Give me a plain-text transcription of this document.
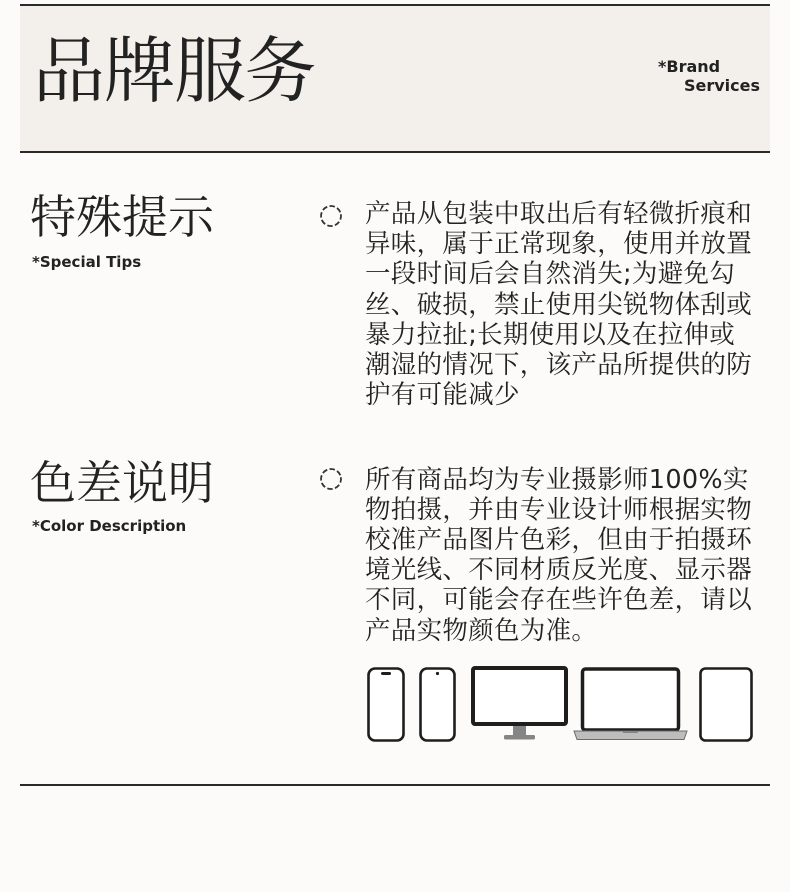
品牌服务	*Brand
Services
特殊提示
*Special Tips
产品从包装中取出后有轻微折痕和
异味，属于正常现象，使用并放置
一段时间后会自然消失;为避免勾
丝、破损，禁止使用尖锐物体刮或
暴力拉扯;长期使用以及在拉伸或
潮湿的情况下，该产品所提供的防
护有可能减少
色差说明
*Color Description
所有商品均为专业摄影师100%实
物拍摄，并由专业设计师根据实物
校准产品图片色彩，但由于拍摄环
境光线、不同材质反光度、显示器
不同，可能会存在些许色差，请以
产品实物颜色为准。
